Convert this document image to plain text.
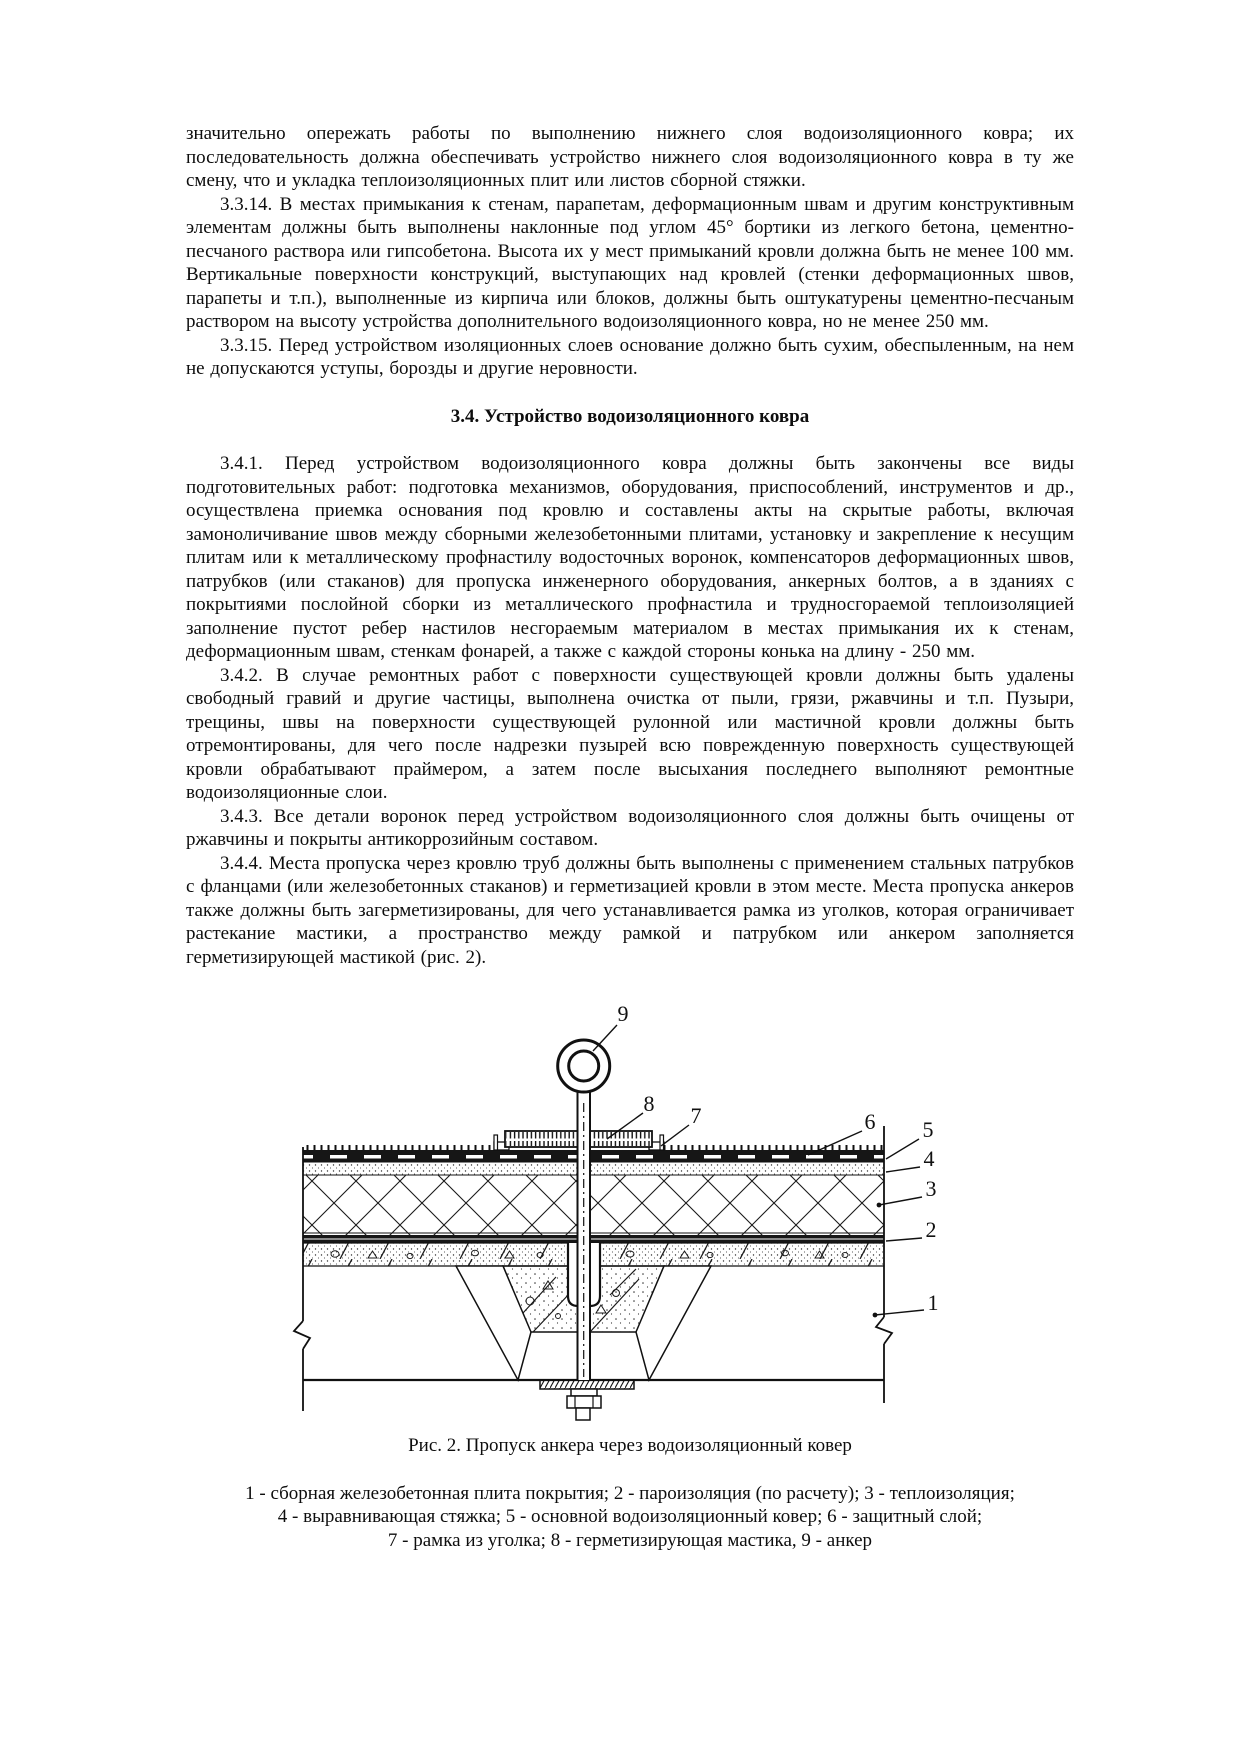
значительно опережать работы по выполнению нижнего слоя водоизоляционного ковра; их последовательность должна обеспечивать устройство нижнего слоя водоизоляционного ковра в ту же смену, что и укладка теплоизоляционных плит или листов сборной стяжки.

3.3.14. В местах примыкания к стенам, парапетам, деформационным швам и другим конструктивным элементам должны быть выполнены наклонные под углом 45° бортики из легкого бетона, цементно-песчаного раствора или гипсобетона. Высота их у мест примыканий кровли должна быть не менее 100 мм. Вертикальные поверхности конструкций, выступающих над кровлей (стенки деформационных швов, парапеты и т.п.), выполненные из кирпича или блоков, должны быть оштукатурены цементно-песчаным раствором на высоту устройства дополнительного водоизоляционного ковра, но не менее 250 мм.

3.3.15. Перед устройством изоляционных слоев основание должно быть сухим, обеспыленным, на нем не допускаются уступы, борозды и другие неровности.

3.4. Устройство водоизоляционного ковра

3.4.1. Перед устройством водоизоляционного ковра должны быть закончены все виды подготовительных работ: подготовка механизмов, оборудования, приспособлений, инструментов и др., осуществлена приемка основания под кровлю и составлены акты на скрытые работы, включая замоноличивание швов между сборными железобетонными плитами, установку и закрепление к несущим плитам или к металлическому профнастилу водосточных воронок, компенсаторов деформационных швов, патрубков (или стаканов) для пропуска инженерного оборудования, анкерных болтов, а в зданиях с покрытиями послойной сборки из металлического профнастила и трудносгораемой теплоизоляцией заполнение пустот ребер настилов несгораемым материалом в местах примыкания их к стенам, деформационным швам, стенкам фонарей, а также с каждой стороны конька на длину - 250 мм.

3.4.2. В случае ремонтных работ с поверхности существующей кровли должны быть удалены свободный гравий и другие частицы, выполнена очистка от пыли, грязи, ржавчины и т.п. Пузыри, трещины, швы на поверхности существующей рулонной или мастичной кровли должны быть отремонтированы, для чего после надрезки пузырей всю поврежденную поверхность существующей кровли обрабатывают праймером, а затем после высыхания последнего выполняют ремонтные водоизоляционные слои.

3.4.3. Все детали воронок перед устройством водоизоляционного слоя должны быть очищены от ржавчины и покрыты антикоррозийным составом.

3.4.4. Места пропуска через кровлю труб должны быть выполнены с применением стальных патрубков с фланцами (или железобетонных стаканов) и герметизацией кровли в этом месте. Места пропуска анкеров также должны быть загерметизированы, для чего устанавливается рамка из уголков, которая ограничивает растекание мастики, а пространство между рамкой и патрубком или анкером заполняется герметизирующей мастикой (рис. 2).

9
8 7	6 5
4
3
2
1

Рис. 2. Пропуск анкера через водоизоляционный ковер

1 - сборная железобетонная плита покрытия; 2 - пароизоляция (по расчету); 3 - теплоизоляция;
4 - выравнивающая стяжка; 5 - основной водоизоляционный ковер; 6 - защитный слой;
7 - рамка из уголка; 8 - герметизирующая мастика, 9 - анкер
